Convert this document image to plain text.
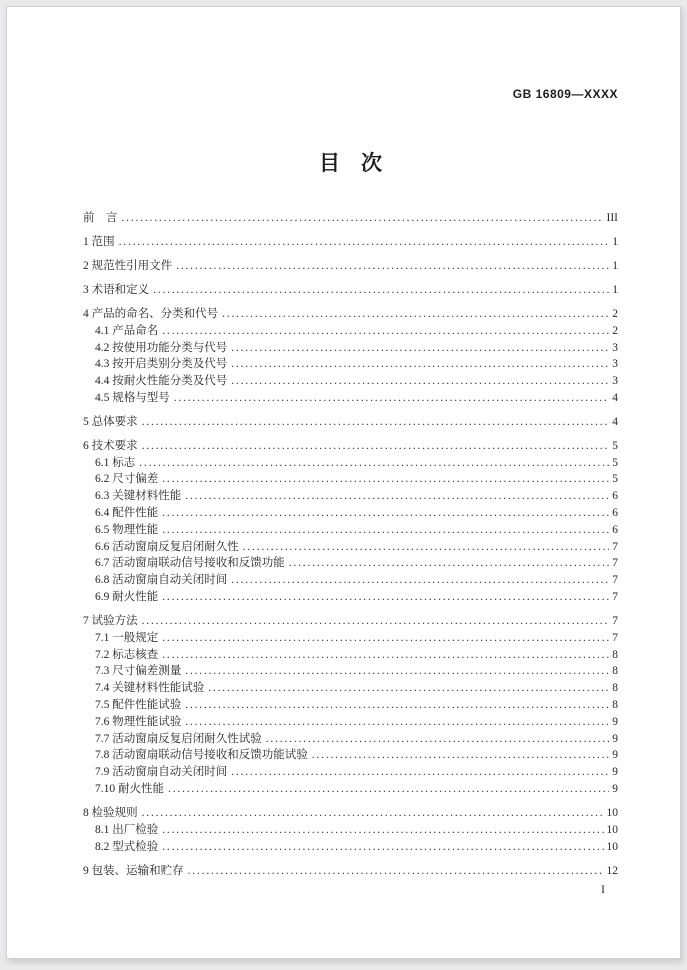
GB 16809—XXXX
目　次
前　言 .....	III
1 范围 .....	1
2 规范性引用文件 .....	1
3 术语和定义 .....	1
4 产品的命名、分类和代号 .....	2
4.1 产品命名 .....	2
4.2 按使用功能分类与代号 .....	3
4.3 按开启类别分类及代号 .....	3
4.4 按耐火性能分类及代号 .....	3
4.5 规格与型号 .....	4
5 总体要求 .....	4
6 技术要求 .....	5
6.1 标志 .....	5
6.2 尺寸偏差 .....	5
6.3 关键材料性能 .....	6
6.4 配件性能 .....	6
6.5 物理性能 .....	6
6.6 活动窗扇反复启闭耐久性 .....	7
6.7 活动窗扇联动信号接收和反馈功能 .....	7
6.8 活动窗扇自动关闭时间 .....	7
6.9 耐火性能 .....	7
7 试验方法 .....	7
7.1 一般规定 .....	7
7.2 标志核查 .....	8
7.3 尺寸偏差测量 .....	8
7.4 关键材料性能试验 .....	8
7.5 配件性能试验 .....	8
7.6 物理性能试验 .....	9
7.7 活动窗扇反复启闭耐久性试验 .....	9
7.8 活动窗扇联动信号接收和反馈功能试验 .....	9
7.9 活动窗扇自动关闭时间 .....	9
7.10 耐火性能 .....	9
8 检验规则 .....	10
8.1 出厂检验 .....	10
8.2 型式检验 .....	10
9 包装、运输和贮存 .....	12
I
